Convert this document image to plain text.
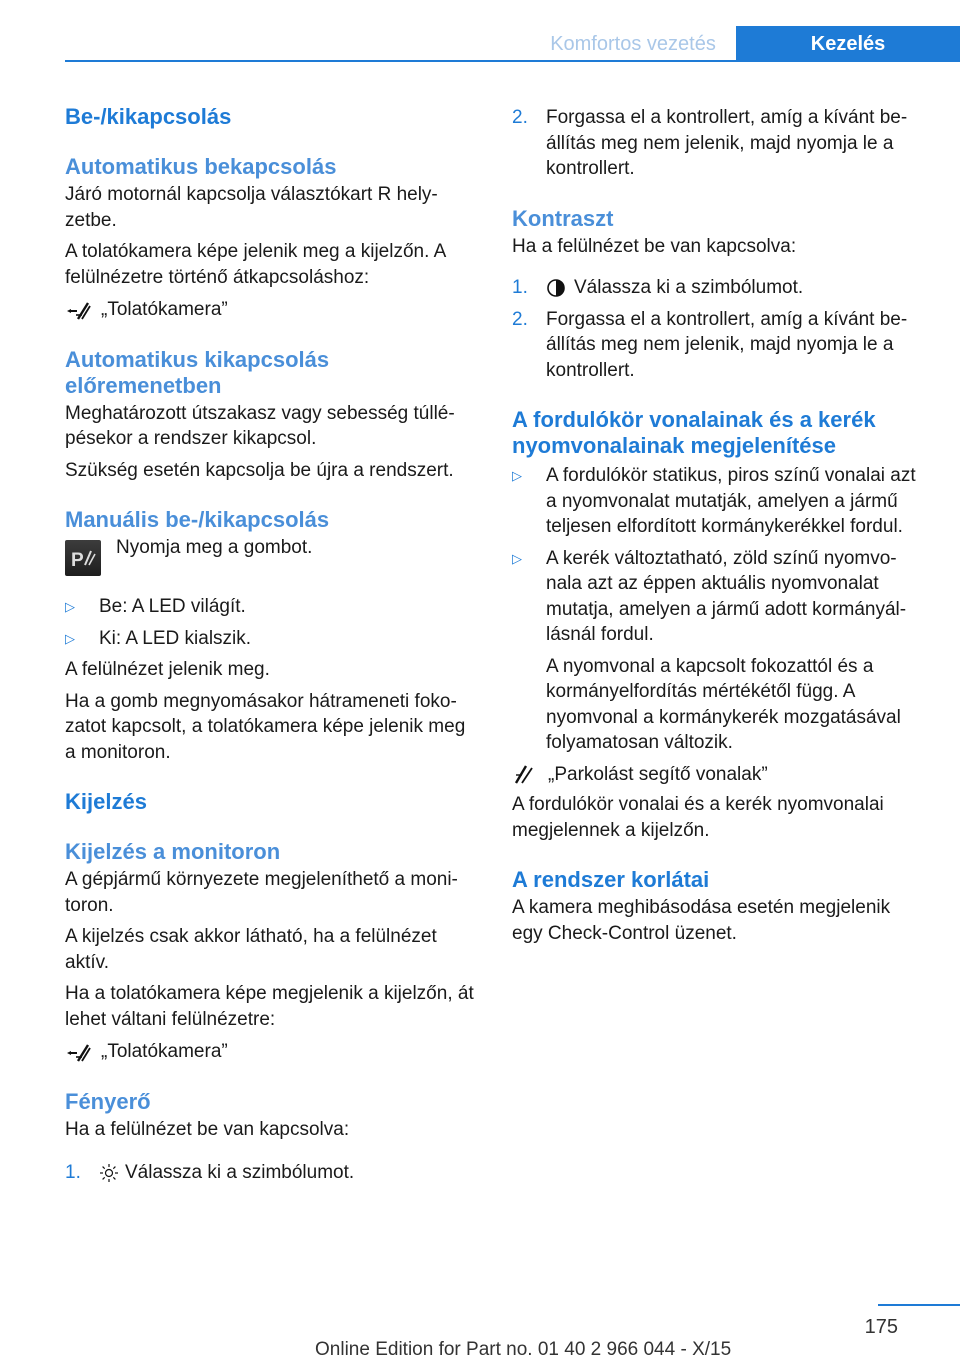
Komfortos vezetés	Kezelés
Be-/kikapcsolás
Automatikus bekapcsolás

Járó motornál kapcsolja választókart R hely-zetbe.

A tolatókamera képe jelenik meg a kijelzőn. A felülnézetre történő átkapcsoláshoz:

„Tolatókamera”
Automatikus kikapcsolás előremenetben

Meghatározott útszakasz vagy sebesség túllé-pésekor a rendszer kikapcsol.

Szükség esetén kapcsolja be újra a rendszert.

Manuális be-/kikapcsolás
P

Nyomja meg a gombot.

▷	Be: A LED világít.
▷	Ki: A LED kialszik.

A felülnézet jelenik meg.

Ha a gomb megnyomásakor hátrameneti foko-zatot kapcsolt, a tolatókamera képe jelenik meg a monitoron.

Kijelzés
Kijelzés a monitoron

A gépjármű környezete megjeleníthető a moni-toron.

A kijelzés csak akkor látható, ha a felülnézet aktív.

Ha a tolatókamera képe megjelenik a kijelzőn, át lehet váltani felülnézetre:

„Tolatókamera”
Fényerő

Ha a felülnézet be van kapcsolva:

1.	Válassza ki a szimbólumot.
2. Forgassa el a kontrollert, amíg a kívánt be-állítás meg nem jelenik, majd nyomja le a kontrollert.
Kontraszt

Ha a felülnézet be van kapcsolva:

1.	Válassza ki a szimbólumot.
2. Forgassa el a kontrollert, amíg a kívánt be-állítás meg nem jelenik, majd nyomja le a kontrollert.
A fordulókör vonalainak és a kerék nyomvonalainak megjelenítése
▷	A fordulókör statikus, piros színű vonalai azt a nyomvonalat mutatják, amelyen a jármű teljesen elfordított kormánykerékkel fordul.
▷	A kerék változtatható, zöld színű nyomvo-nala azt az éppen aktuális nyomvonalat mutatja, amelyen a jármű adott kormányál-lásnál fordul.

A nyomvonal a kapcsolt fokozattól és a kormányelfordítás mértékétől függ. A nyomvonal a kormánykerék mozgatásával folyamatosan változik.

„Parkolást segítő vonalak”

A fordulókör vonalai és a kerék nyomvonalai megjelennek a kijelzőn.

A rendszer korlátai

A kamera meghibásodása esetén megjelenik egy Check-Control üzenet.

175
Online Edition for Part no. 01 40 2 966 044 - X/15
